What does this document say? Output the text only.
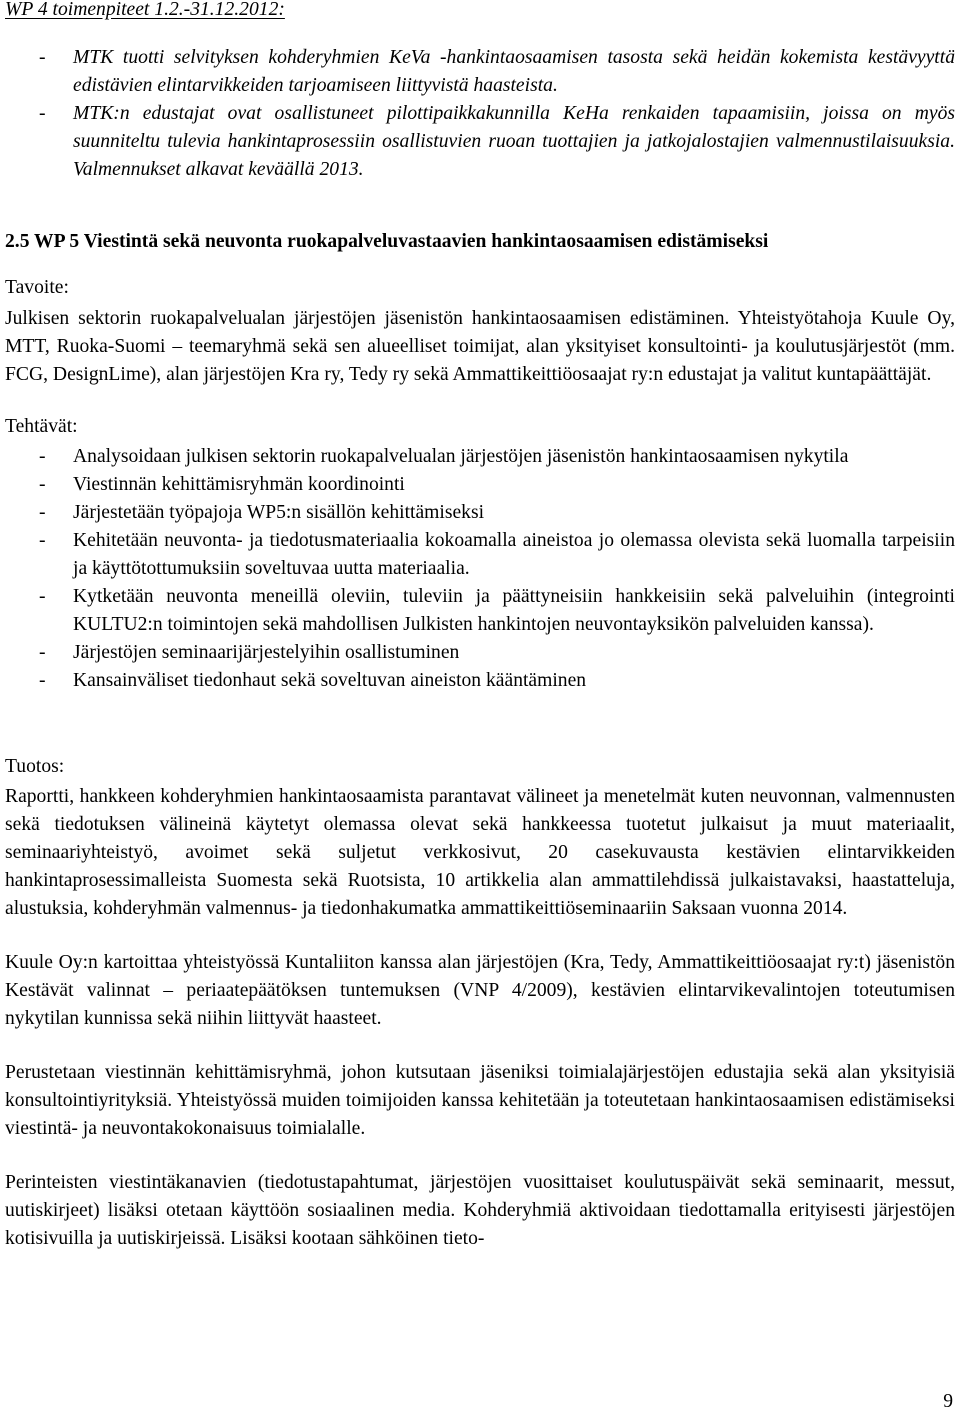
WP 4 toimenpiteet 1.2.-31.12.2012:

- MTK tuotti selvityksen kohderyhmien KeVa -hankintaosaamisen tasosta sekä heidän kokemista kestävyyttä edistävien elintarvikkeiden tarjoamiseen liittyvistä haasteista.
- MTK:n edustajat ovat osallistuneet pilottipaikkakunnilla KeHa renkaiden tapaamisiin, joissa on myös suunniteltu tulevia hankintaprosessiin osallistuvien ruoan tuottajien ja jatkojalostajien valmennustilaisuuksia. Valmennukset alkavat keväällä 2013.

2.5 WP 5 Viestintä sekä neuvonta ruokapalveluvastaavien hankintaosaamisen edistämiseksi

Tavoite:

Julkisen sektorin ruokapalvelualan järjestöjen jäsenistön hankintaosaamisen edistäminen. Yhteistyötahoja Kuule Oy, MTT, Ruoka-Suomi – teemaryhmä sekä sen alueelliset toimijat, alan yksityiset konsultointi- ja koulutusjärjestöt (mm. FCG, DesignLime), alan järjestöjen Kra ry, Tedy ry sekä Ammattikeittiöosaajat ry:n edustajat ja valitut kuntapäättäjät.

Tehtävät:

- Analysoidaan julkisen sektorin ruokapalvelualan järjestöjen jäsenistön hankintaosaamisen nykytila
- Viestinnän kehittämisryhmän koordinointi
- Järjestetään työpajoja WP5:n sisällön kehittämiseksi
- Kehitetään neuvonta- ja tiedotusmateriaalia kokoamalla aineistoa jo olemassa olevista sekä luomalla tarpeisiin ja käyttötottumuksiin soveltuvaa uutta materiaalia.
- Kytketään neuvonta meneillä oleviin, tuleviin ja päättyneisiin hankkeisiin sekä palveluihin (integrointi KULTU2:n toimintojen sekä mahdollisen Julkisten hankintojen neuvontayksikön palveluiden kanssa).
- Järjestöjen seminaarijärjestelyihin osallistuminen
- Kansainväliset tiedonhaut sekä soveltuvan aineiston kääntäminen

Tuotos:

Raportti, hankkeen kohderyhmien hankintaosaamista parantavat välineet ja menetelmät kuten neuvonnan, valmennusten sekä tiedotuksen välineinä käytetyt olemassa olevat sekä hankkeessa tuotetut julkaisut ja muut materiaalit, seminaariyhteistyö, avoimet sekä suljetut verkkosivut, 20 casekuvausta kestävien elintarvikkeiden hankintaprosessimalleista Suomesta sekä Ruotsista, 10 artikkelia alan ammattilehdissä julkaistavaksi, haastatteluja, alustuksia, kohderyhmän valmennus- ja tiedonhakumatka ammattikeittiöseminaariin Saksaan vuonna 2014.

Kuule Oy:n kartoittaa yhteistyössä Kuntaliiton kanssa alan järjestöjen (Kra, Tedy, Ammattikeittiöosaajat ry:t) jäsenistön Kestävät valinnat – periaatepäätöksen tuntemuksen (VNP 4/2009), kestävien elintarvikevalintojen toteutumisen nykytilan kunnissa sekä niihin liittyvät haasteet.

Perustetaan viestinnän kehittämisryhmä, johon kutsutaan jäseniksi toimialajärjestöjen edustajia sekä alan yksityisiä konsultointiyrityksiä. Yhteistyössä muiden toimijoiden kanssa kehitetään ja toteutetaan hankintaosaamisen edistämiseksi viestintä- ja neuvontakokonaisuus toimialalle.

Perinteisten viestintäkanavien (tiedotustapahtumat, järjestöjen vuosittaiset koulutuspäivät sekä seminaarit, messut, uutiskirjeet) lisäksi otetaan käyttöön sosiaalinen media. Kohderyhmiä aktivoidaan tiedottamalla erityisesti järjestöjen kotisivuilla ja uutiskirjeissä. Lisäksi kootaan sähköinen tieto-

9
